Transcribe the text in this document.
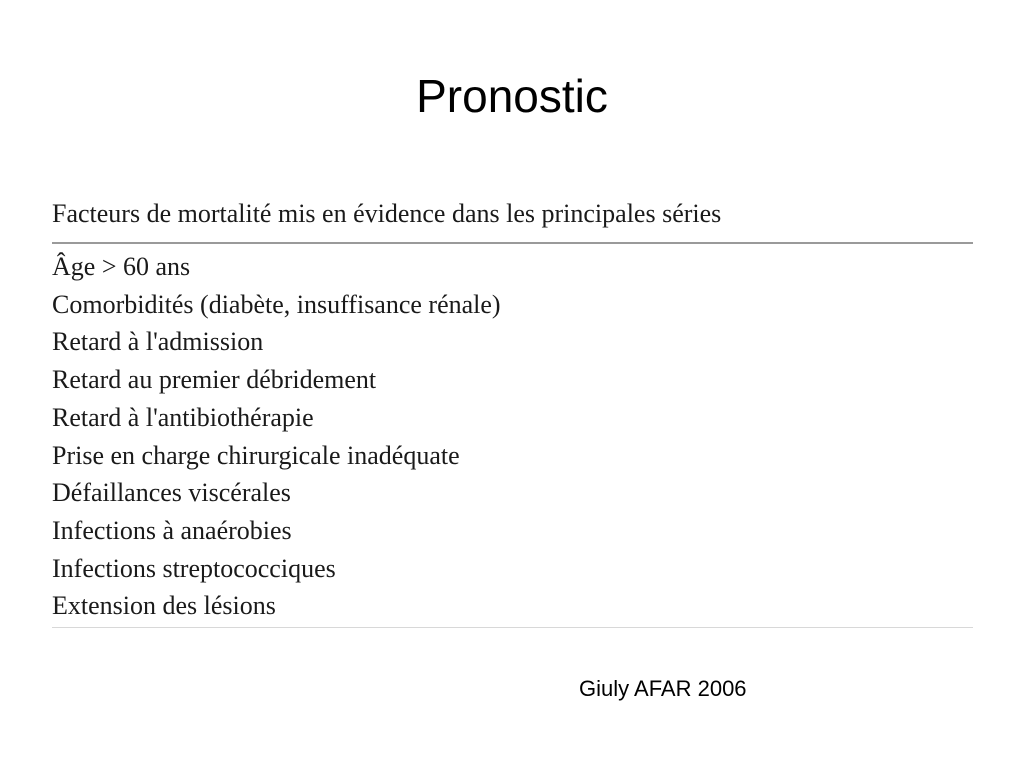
Pronostic
Facteurs de mortalité mis en évidence dans les principales séries
Âge > 60 ans
Comorbidités (diabète, insuffisance rénale)
Retard à l'admission
Retard au premier débridement
Retard à l'antibiothérapie
Prise en charge chirurgicale inadéquate
Défaillances viscérales
Infections à anaérobies
Infections streptococciques
Extension des lésions
Giuly AFAR 2006
